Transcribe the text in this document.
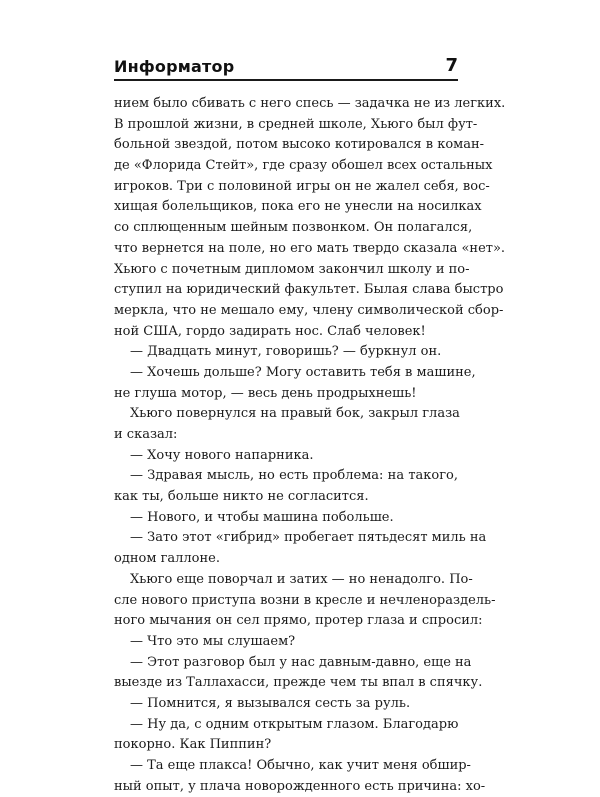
Информатор	7
нием было сбивать с него спесь — задачка не из легких.
В прошлой жизни, в средней школе, Хьюго был фут-
больной звездой, потом высоко котировался в коман-
де «Флорида Стейт», где сразу обошел всех остальных
игроков. Три с половиной игры он не жалел себя, вос-
хищая болельщиков, пока его не унесли на носилках
со сплющенным шейным позвонком. Он полагался,
что вернется на поле, но его мать твердо сказала «нет».
Хьюго с почетным дипломом закончил школу и по-
ступил на юридический факультет. Былая слава быстро
меркла, что не мешало ему, члену символической сбор-
ной США, гордо задирать нос. Слаб человек!
— Двадцать минут, говоришь? — буркнул он.
— Хочешь дольше? Могу оставить тебя в машине,
не глуша мотор, — весь день продрыхнешь!
Хьюго повернулся на правый бок, закрыл глаза
и сказал:
— Хочу нового напарника.
— Здравая мысль, но есть проблема: на такого,
как ты, больше никто не согласится.
— Нового, и чтобы машина побольше.
— Зато этот «гибрид» пробегает пятьдесят миль на
одном галлоне.
Хьюго еще поворчал и затих — но ненадолго. По-
сле нового приступа возни в кресле и нечленораздель-
ного мычания он сел прямо, протер глаза и спросил:
— Что это мы слушаем?
— Этот разговор был у нас давным-давно, еще на
выезде из Таллахасси, прежде чем ты впал в спячку.
— Помнится, я вызывался сесть за руль.
— Ну да, с одним открытым глазом. Благодарю
покорно. Как Пиппин?
— Та еще плакса! Обычно, как учит меня обшир-
ный опыт, у плача новорожденного есть причина: хо-
